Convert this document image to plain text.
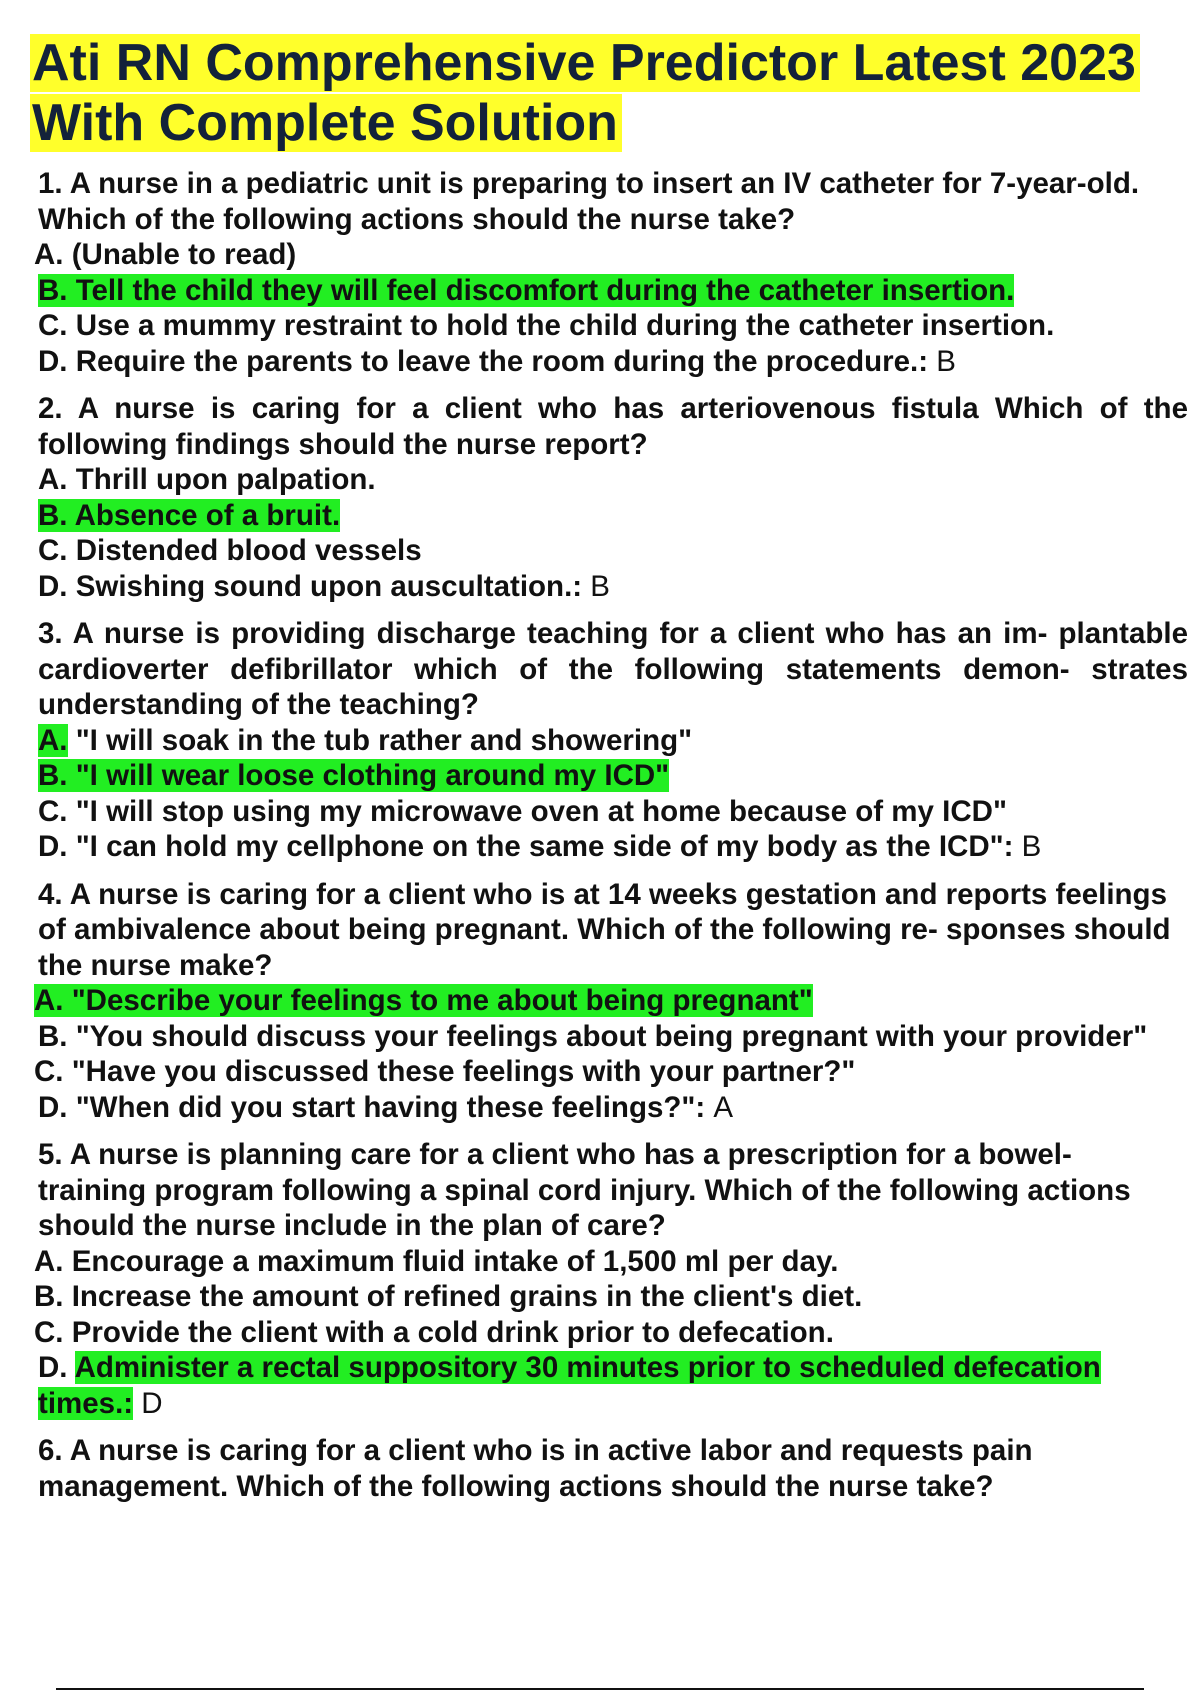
Ati RN Comprehensive Predictor Latest 2023
With Complete Solution
1. A nurse in a pediatric unit is preparing to insert an IV catheter for 7-year-old. Which of the following actions should the nurse take?
A. (Unable to read)
B. Tell the child they will feel discomfort during the catheter insertion.
C. Use a mummy restraint to hold the child during the catheter insertion.
D. Require the parents to leave the room during the procedure.: B
2. A nurse is caring for a client who has arteriovenous fistula Which of the following findings should the nurse report?
A. Thrill upon palpation.
B. Absence of a bruit.
C. Distended blood vessels
D. Swishing sound upon auscultation.: B
3. A nurse is providing discharge teaching for a client who has an im- plantable cardioverter defibrillator which of the following statements demon- strates understanding of the teaching?
A. "I will soak in the tub rather and showering"
B. "I will wear loose clothing around my ICD"
C. "I will stop using my microwave oven at home because of my ICD"
D. "I can hold my cellphone on the same side of my body as the ICD": B
4. A nurse is caring for a client who is at 14 weeks gestation and reports feelings of ambivalence about being pregnant. Which of the following re- sponses should the nurse make?
A. "Describe your feelings to me about being pregnant"
B. "You should discuss your feelings about being pregnant with your provider"
C. "Have you discussed these feelings with your partner?"
D. "When did you start having these feelings?": A
5. A nurse is planning care for a client who has a prescription for a bowel- training program following a spinal cord injury. Which of the following actions should the nurse include in the plan of care?
A. Encourage a maximum fluid intake of 1,500 ml per day.
B. Increase the amount of refined grains in the client's diet.
C. Provide the client with a cold drink prior to defecation.
D. Administer a rectal suppository 30 minutes prior to scheduled defecation times.: D
6. A nurse is caring for a client who is in active labor and requests pain management. Which of the following actions should the nurse take?
